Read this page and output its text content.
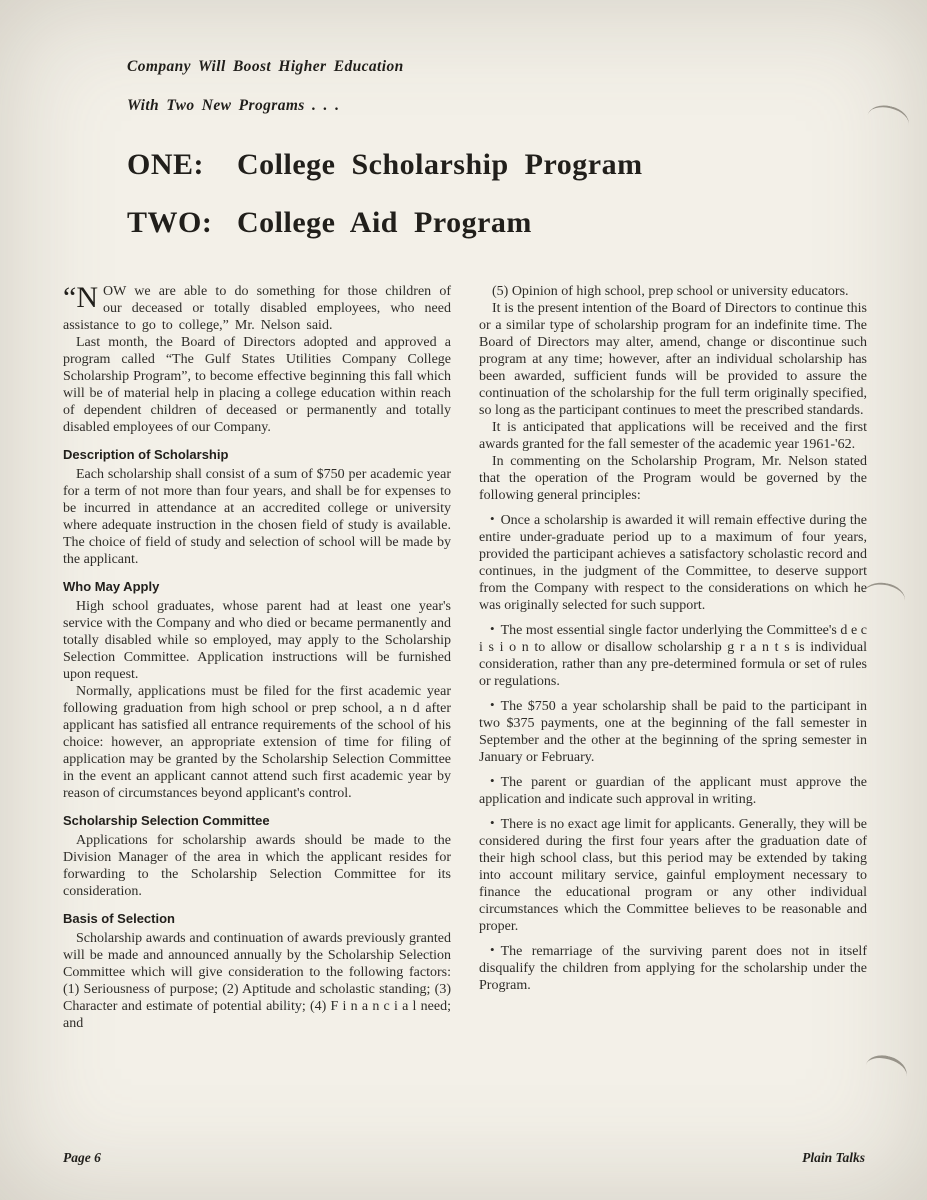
Company Will Boost Higher Education

With Two New Programs . . .

ONE: College Scholarship Program
TWO: College Aid Program

“NOW we are able to do something for those children of our deceased or totally disabled employees, who need assistance to go to college,” Mr. Nelson said.

Last month, the Board of Directors adopted and approved a program called “The Gulf States Utilities Company College Scholarship Program”, to become effective beginning this fall which will be of material help in placing a college education within reach of dependent children of deceased or permanently and totally disabled employees of our Company.

Description of Scholarship

Each scholarship shall consist of a sum of $750 per academic year for a term of not more than four years, and shall be for expenses to be incurred in attendance at an accredited college or university where adequate instruction in the chosen field of study is available. The choice of field of study and selection of school will be made by the applicant.

Who May Apply

High school graduates, whose parent had at least one year's service with the Company and who died or became permanently and totally disabled while so employed, may apply to the Scholarship Selection Committee. Application instructions will be furnished upon request.

Normally, applications must be filed for the first academic year following graduation from high school or prep school, a n d after applicant has satisfied all entrance requirements of the school of his choice: however, an appropriate extension of time for filing of application may be granted by the Scholarship Selection Committee in the event an applicant cannot attend such first academic year by reason of circumstances beyond applicant's control.

Scholarship Selection Committee

Applications for scholarship awards should be made to the Division Manager of the area in which the applicant resides for forwarding to the Scholarship Selection Committee for its consideration.

Basis of Selection

Scholarship awards and continuation of awards previously granted will be made and announced annually by the Scholarship Selection Committee which will give consideration to the following factors: (1) Seriousness of purpose; (2) Aptitude and scholastic standing; (3) Character and estimate of potential ability; (4) F i n a n c i a l need; and

(5) Opinion of high school, prep school or university educators.

It is the present intention of the Board of Directors to continue this or a similar type of scholarship program for an indefinite time. The Board of Directors may alter, amend, change or discontinue such program at any time; however, after an individual scholarship has been awarded, sufficient funds will be provided to assure the continuation of the scholarship for the full term originally specified, so long as the participant continues to meet the prescribed standards.

It is anticipated that applications will be received and the first awards granted for the fall semester of the academic year 1961-'62.

In commenting on the Scholarship Program, Mr. Nelson stated that the operation of the Program would be governed by the following general principles:

• Once a scholarship is awarded it will remain effective during the entire under-graduate period up to a maximum of four years, provided the participant achieves a satisfactory scholastic record and continues, in the judgment of the Committee, to deserve support from the Company with respect to the considerations on which he was originally selected for such support.

• The most essential single factor underlying the Committee's d e c i s i o n to allow or disallow scholarship g r a n t s is individual consideration, rather than any pre-determined formula or set of rules or regulations.

• The $750 a year scholarship shall be paid to the participant in two $375 payments, one at the beginning of the fall semester in September and the other at the beginning of the spring semester in January or February.

• The parent or guardian of the applicant must approve the application and indicate such approval in writing.

• There is no exact age limit for applicants. Generally, they will be considered during the first four years after the graduation date of their high school class, but this period may be extended by taking into account military service, gainful employment necessary to finance the educational program or any other individual circumstances which the Committee believes to be reasonable and proper.

• The remarriage of the surviving parent does not in itself disqualify the children from applying for the scholarship under the Program.

Page 6	Plain Talks
